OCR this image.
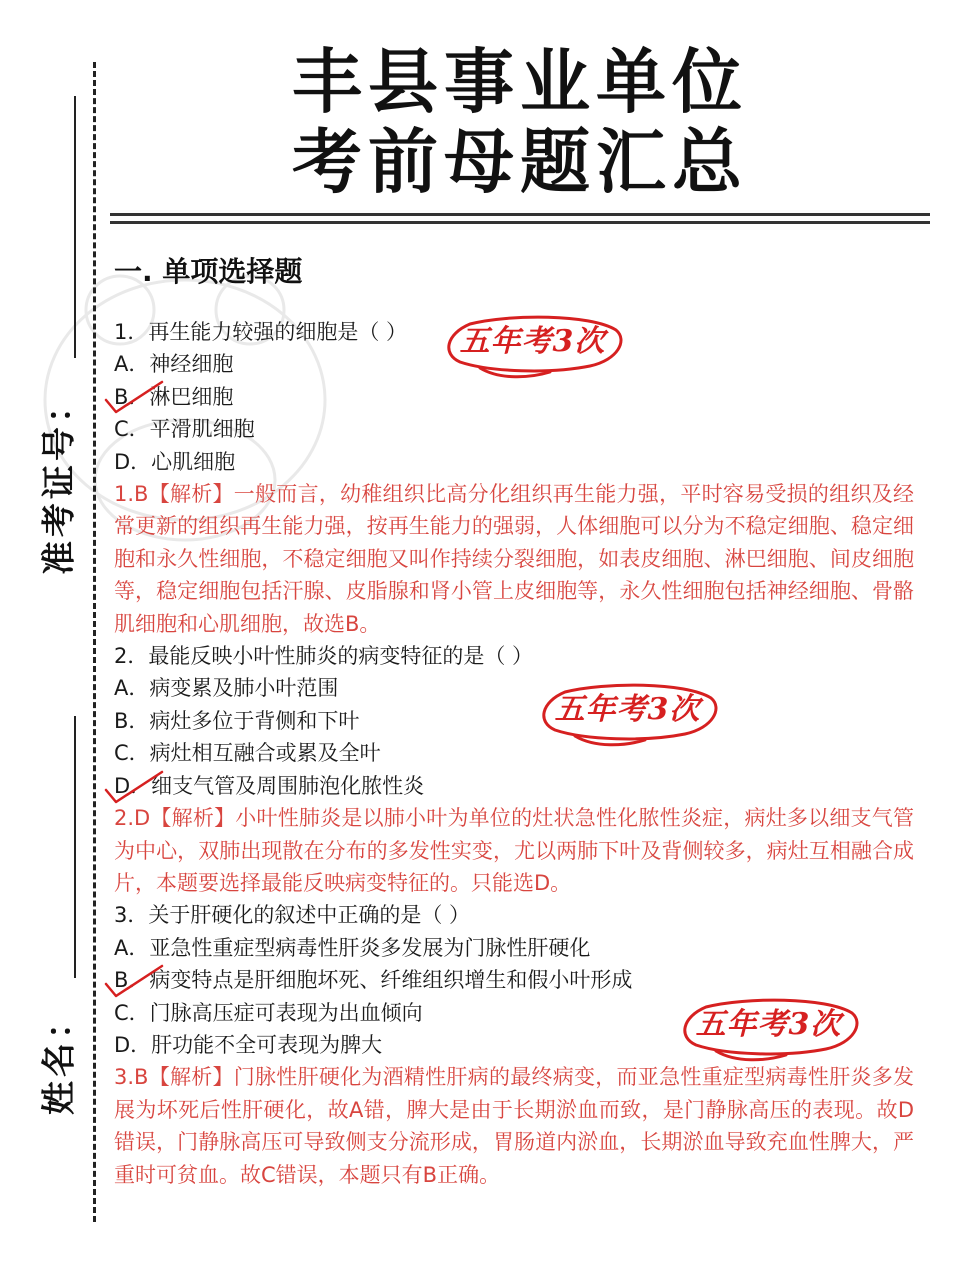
准考证号：
姓名：
丰县事业单位
考前母题汇总
一. 单项选择题
1．再生能力较强的细胞是（ ）
A．神经细胞
B．淋巴细胞
C．平滑肌细胞
D．心肌细胞
1.B【解析】一般而言，幼稚组织比高分化组织再生能力强，平时容易受损的组织及经常更新的组织再生能力强，按再生能力的强弱，人体细胞可以分为不稳定细胞、稳定细胞和永久性细胞，不稳定细胞又叫作持续分裂细胞，如表皮细胞、淋巴细胞、间皮细胞等，稳定细胞包括汗腺、皮脂腺和肾小管上皮细胞等，永久性细胞包括神经细胞、骨骼肌细胞和心肌细胞，故选B。
2．最能反映小叶性肺炎的病变特征的是（ ）
A．病变累及肺小叶范围
B．病灶多位于背侧和下叶
C．病灶相互融合或累及全叶
D．细支气管及周围肺泡化脓性炎
2.D【解析】小叶性肺炎是以肺小叶为单位的灶状急性化脓性炎症，病灶多以细支气管为中心，双肺出现散在分布的多发性实变，尤以两肺下叶及背侧较多，病灶互相融合成片，本题要选择最能反映病变特征的。只能选D。
3．关于肝硬化的叙述中正确的是（ ）
A．亚急性重症型病毒性肝炎多发展为门脉性肝硬化
B．病变特点是肝细胞坏死、纤维组织增生和假小叶形成
C．门脉高压症可表现为出血倾向
D．肝功能不全可表现为脾大
3.B【解析】门脉性肝硬化为酒精性肝病的最终病变，而亚急性重症型病毒性肝炎多发展为坏死后性肝硬化，故A错，脾大是由于长期淤血而致，是门静脉高压的表现。故D错误，门静脉高压可导致侧支分流形成，胃肠道内淤血，长期淤血导致充血性脾大，严重时可贫血。故C错误，本题只有B正确。
五年考3次
五年考3次
五年考3次
